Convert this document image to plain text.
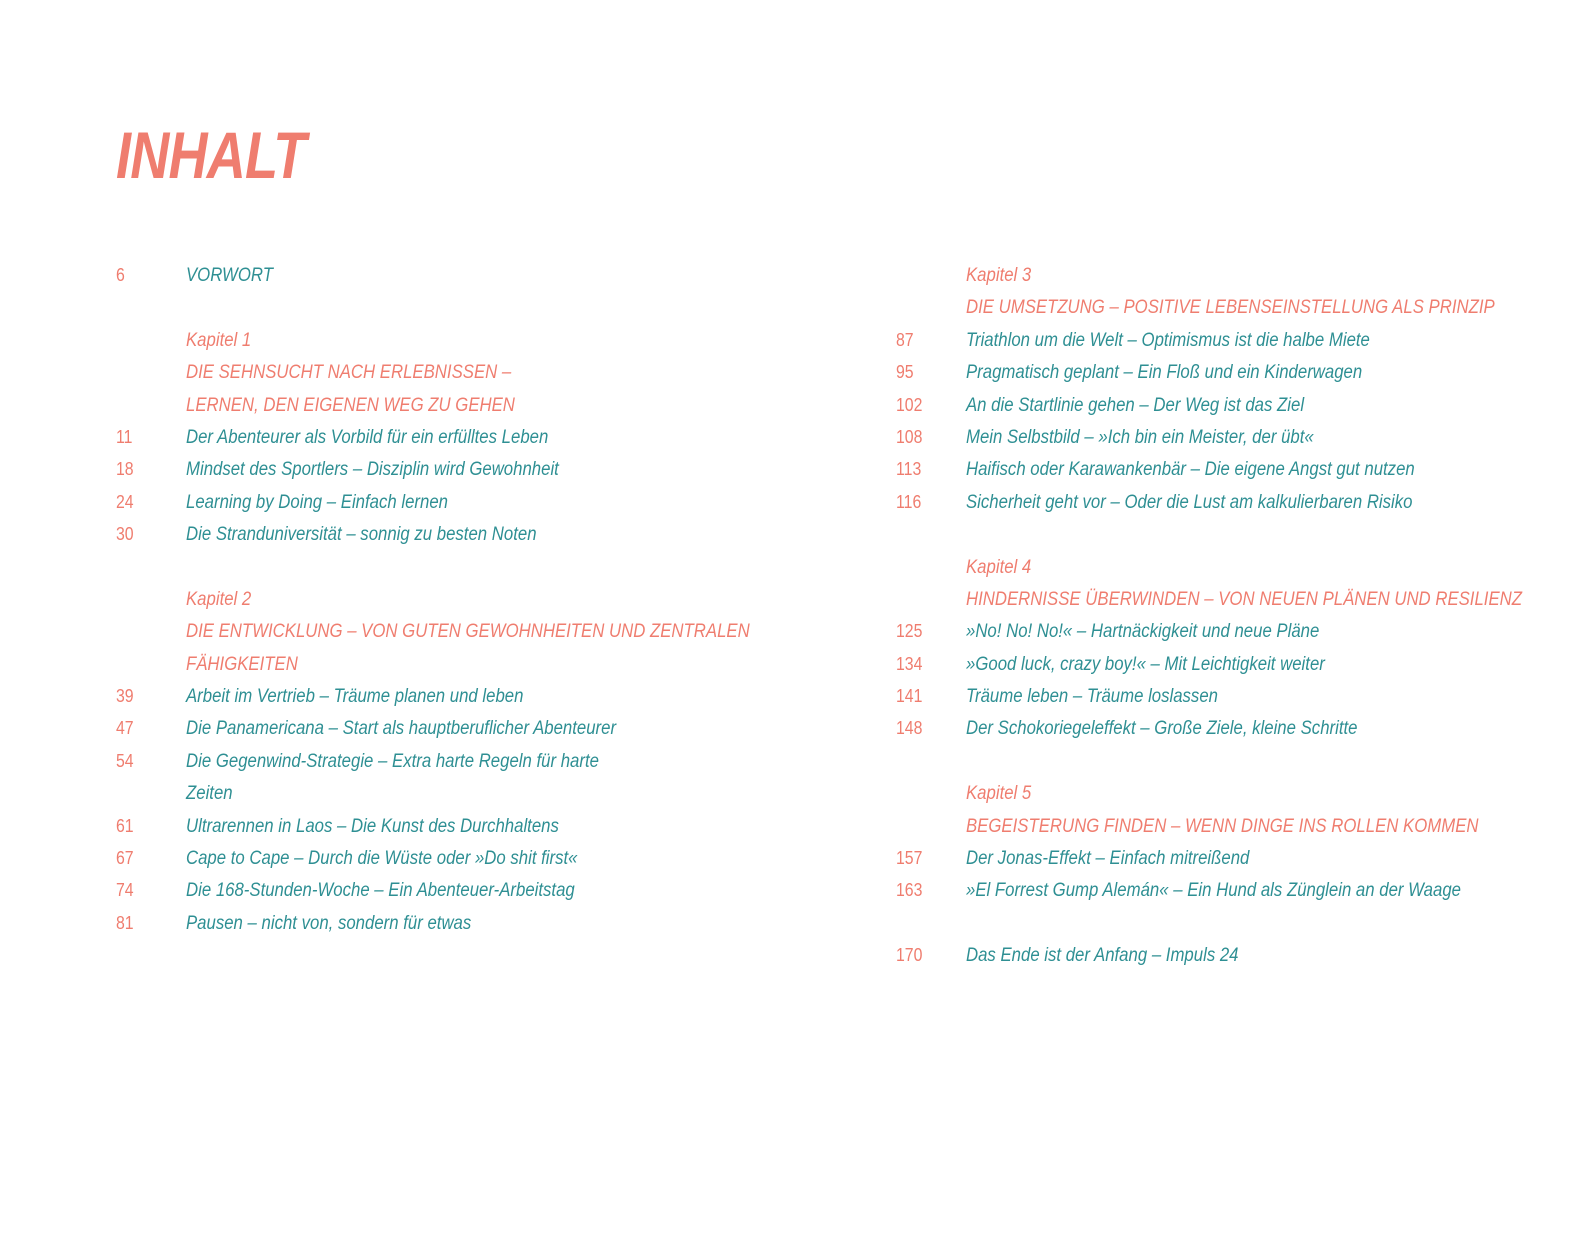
INHALT
6	VORWORT
Kapitel 1
DIE SEHNSUCHT NACH ERLEBNISSEN –
LERNEN, DEN EIGENEN WEG ZU GEHEN
11	Der Abenteurer als Vorbild für ein erfülltes Leben
18	Mindset des Sportlers – Disziplin wird Gewohnheit
24	Learning by Doing – Einfach lernen
30	Die Stranduniversität – sonnig zu besten Noten
Kapitel 2
DIE ENTWICKLUNG – VON GUTEN GEWOHNHEITEN UND ZENTRALEN
FÄHIGKEITEN
39	Arbeit im Vertrieb – Träume planen und leben
47	Die Panamericana – Start als hauptberuflicher Abenteurer
54	Die Gegenwind-Strategie – Extra harte Regeln für harte
Zeiten
61	Ultrarennen in Laos – Die Kunst des Durchhaltens
67	Cape to Cape – Durch die Wüste oder »Do shit first«
74	Die 168-Stunden-Woche – Ein Abenteuer-Arbeitstag
81	Pausen – nicht von, sondern für etwas
Kapitel 3
DIE UMSETZUNG – POSITIVE LEBENSEINSTELLUNG ALS PRINZIP
87	Triathlon um die Welt – Optimismus ist die halbe Miete
95	Pragmatisch geplant – Ein Floß und ein Kinderwagen
102	An die Startlinie gehen – Der Weg ist das Ziel
108	Mein Selbstbild – »Ich bin ein Meister, der übt«
113	Haifisch oder Karawankenbär – Die eigene Angst gut nutzen
116	Sicherheit geht vor – Oder die Lust am kalkulierbaren Risiko
Kapitel 4
HINDERNISSE ÜBERWINDEN – VON NEUEN PLÄNEN UND RESILIENZ
125	»No! No! No!« – Hartnäckigkeit und neue Pläne
134	»Good luck, crazy boy!« – Mit Leichtigkeit weiter
141	Träume leben – Träume loslassen
148	Der Schokoriegeleffekt – Große Ziele, kleine Schritte
Kapitel 5
BEGEISTERUNG FINDEN – WENN DINGE INS ROLLEN KOMMEN
157	Der Jonas-Effekt – Einfach mitreißend
163	»El Forrest Gump Alemán« – Ein Hund als Zünglein an der Waage
170	Das Ende ist der Anfang – Impuls 24
